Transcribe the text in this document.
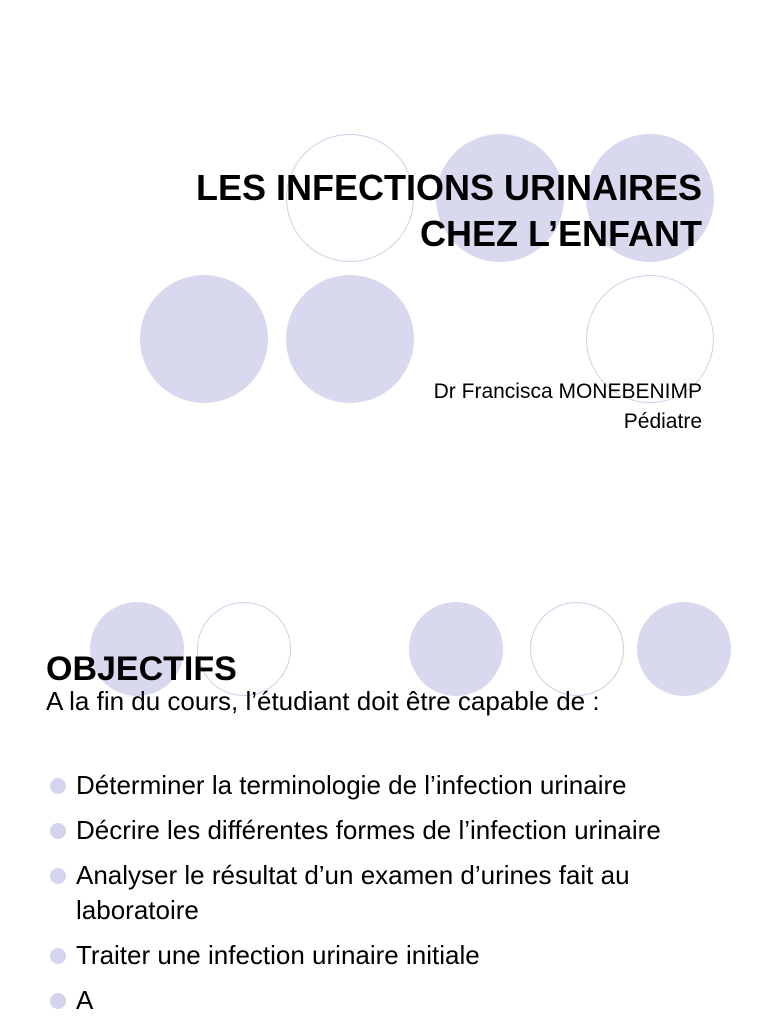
LES INFECTIONS URINAIRES
CHEZ L’ENFANT
Dr Francisca MONEBENIMP
Pédiatre
OBJECTIFS

A la fin du cours, l’étudiant doit être capable de :

Déterminer la terminologie de l’infection urinaire
Décrire les différentes formes de l’infection urinaire
Analyser le résultat d’un examen d’urines fait au laboratoire
Traiter une infection urinaire initiale
A
